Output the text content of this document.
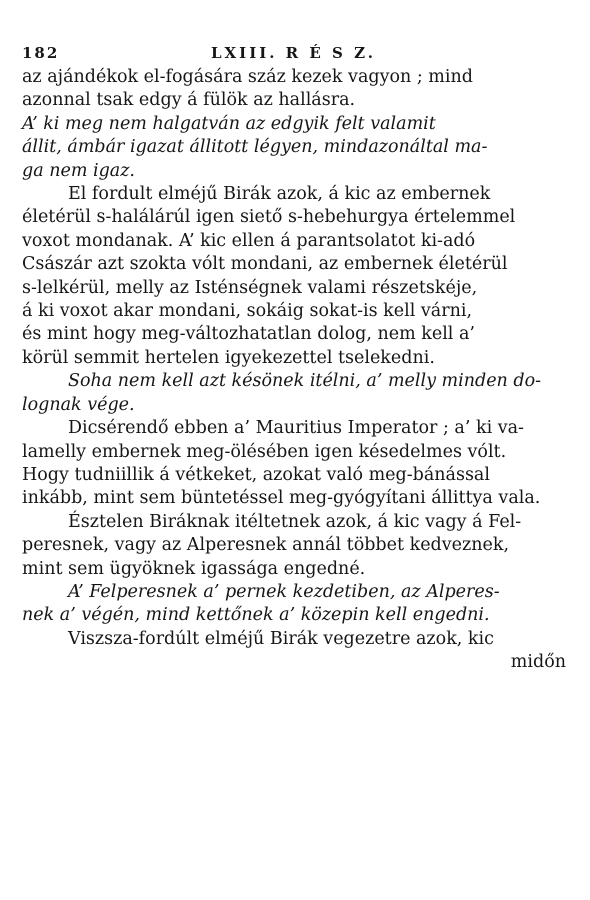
182	LXIII. R É S Z.
az ajándékok el-fogására száz kezek vagyon ; mind
azonnal tsak edgy á fülök az hallásra.
A’ ki meg nem halgatván az edgyik felt valamit
állit, ámbár igazat állitott légyen, mindazonáltal ma-
ga nem igaz.
El fordult elméjű Birák azok, á kic az embernek
életérül s-halálárúl igen siető s-hebehurgya értelemmel
voxot mondanak. A’ kic ellen á parantsolatot ki-adó
Császár azt szokta vólt mondani, az embernek életérül
s-lelkérül, melly az Isténségnek valami részetskéje,
á ki voxot akar mondani, sokáig sokat-is kell várni,
és mint hogy meg-változhatatlan dolog, nem kell a’
körül semmit hertelen igyekezettel tselekedni.
Soha nem kell azt késönek itélni, a’ melly minden do-
lognak vége.
Dicsérendő ebben a’ Mauritius Imperator ; a’ ki va-
lamelly embernek meg-ölésében igen késedelmes vólt.
Hogy tudniillik á vétkeket, azokat való meg-bánással
inkább, mint sem büntetéssel meg-gyógyítani állittya vala.
Észtelen Biráknak itéltetnek azok, á kic vagy á Fel-
peresnek, vagy az Alperesnek annál többet kedveznek,
mint sem ügyöknek igassága engedné.
A’ Felperesnek a’ pernek kezdetiben, az Alperes-
nek a’ végén, mind kettőnek a’ közepin kell engedni.
Viszsza-fordúlt elméjű Birák vegezetre azok, kic
midőn
